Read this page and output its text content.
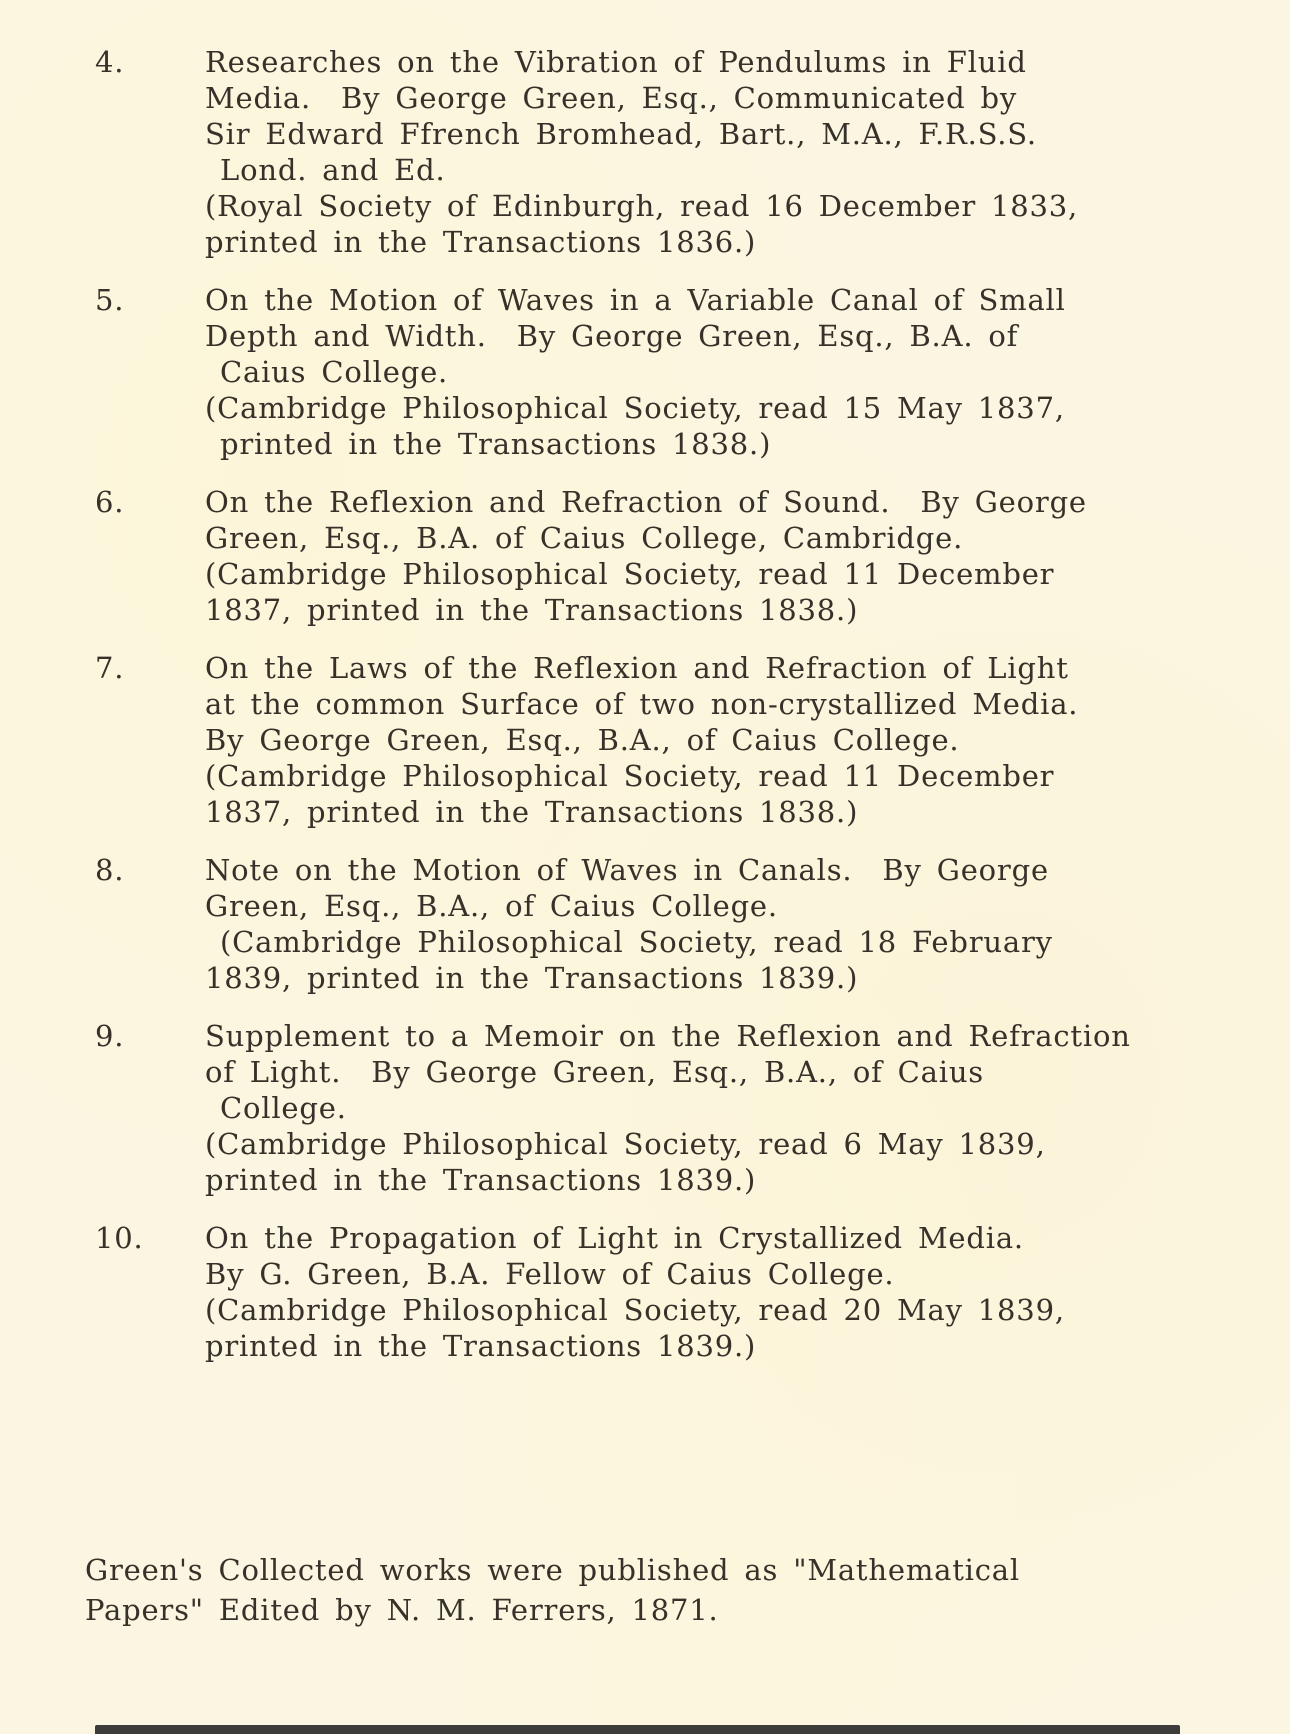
4.	Researches on the Vibration of Pendulums in Fluid
Media.  By George Green, Esq., Communicated by
Sir Edward Ffrench Bromhead, Bart., M.A., F.R.S.S.
Lond. and Ed.
(Royal Society of Edinburgh, read 16 December 1833,
printed in the Transactions 1836.)
5.	On the Motion of Waves in a Variable Canal of Small
Depth and Width.  By George Green, Esq., B.A. of
Caius College.
(Cambridge Philosophical Society, read 15 May 1837,
printed in the Transactions 1838.)
6.	On the Reflexion and Refraction of Sound.  By George
Green, Esq., B.A. of Caius College, Cambridge.
(Cambridge Philosophical Society, read 11 December
1837, printed in the Transactions 1838.)
7.	On the Laws of the Reflexion and Refraction of Light
at the common Surface of two non-crystallized Media.
By George Green, Esq., B.A., of Caius College.
(Cambridge Philosophical Society, read 11 December
1837, printed in the Transactions 1838.)
8.	Note on the Motion of Waves in Canals.  By George
Green, Esq., B.A., of Caius College.
(Cambridge Philosophical Society, read 18 February
1839, printed in the Transactions 1839.)
9.	Supplement to a Memoir on the Reflexion and Refraction
of Light.  By George Green, Esq., B.A., of Caius
College.
(Cambridge Philosophical Society, read 6 May 1839,
printed in the Transactions 1839.)
10.	On the Propagation of Light in Crystallized Media.
By G. Green, B.A. Fellow of Caius College.
(Cambridge Philosophical Society, read 20 May 1839,
printed in the Transactions 1839.)
Green's Collected works were published as "Mathematical
Papers" Edited by N. M. Ferrers, 1871.
